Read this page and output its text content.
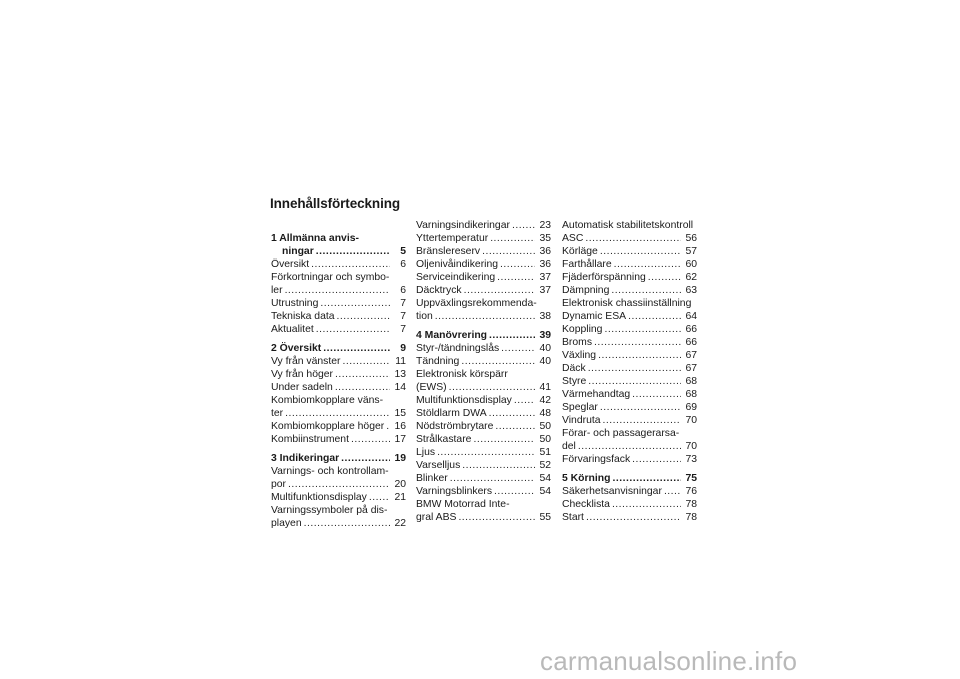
Innehållsförteckning
1 Allmänna anvis-
ningar . . .	5
Översikt . . .	6
Förkortningar och symbo-
ler . . .	6
Utrustning . . .	7
Tekniska data . . .	7
Aktualitet . . .	7
2 Översikt . . .	9
Vy från vänster . . .	11
Vy från höger . . .	13
Under sadeln . . .	14
Kombiomkopplare väns-
ter . . .	15
Kombiomkopplare höger . . . 16
Kombiinstrument . . .	17
3 Indikeringar . . .	19
Varnings- och kontrollam-
por . . .	20
Multifunktionsdisplay . . .	21
Varningssymboler på dis-
playen . . .	22
Varningsindikeringar . . .	23
Yttertemperatur . . .	35
Bränslereserv . . .	36
Oljenivåindikering . . .	36
Serviceindikering . . .	37
Däcktryck . . .	37
Uppväxlingsrekommenda-
tion . . .	38
4 Manövrering . . .	39
Styr-/tändningslås . . .	40
Tändning . . .	40
Elektronisk körspärr
(EWS) . . .	41
Multifunktionsdisplay . . .	42
Stöldlarm DWA . . .	48
Nödströmbrytare . . .	50
Strålkastare . . .	50
Ljus . . .	51
Varselljus . . .	52
Blinker . . .	54
Varningsblinkers . . .	54
BMW Motorrad Inte-
gral ABS . . .	55
Automatisk stabilitetskontroll
ASC . . .	56
Körläge . . .	57
Farthållare . . .	60
Fjäderförspänning . . .	62
Dämpning . . .	63
Elektronisk chassiinställning
Dynamic ESA . . .	64
Koppling . . .	66
Broms . . .	66
Växling . . .	67
Däck . . .	67
Styre . . .	68
Värmehandtag . . .	68
Speglar . . .	69
Vindruta . . .	70
Förar- och passagerarsa-
del . . .	70
Förvaringsfack . . .	73
5 Körning . . .	75
Säkerhetsanvisningar . . . 76
Checklista . . .	78
Start . . .	78
carmanualsonline.info
